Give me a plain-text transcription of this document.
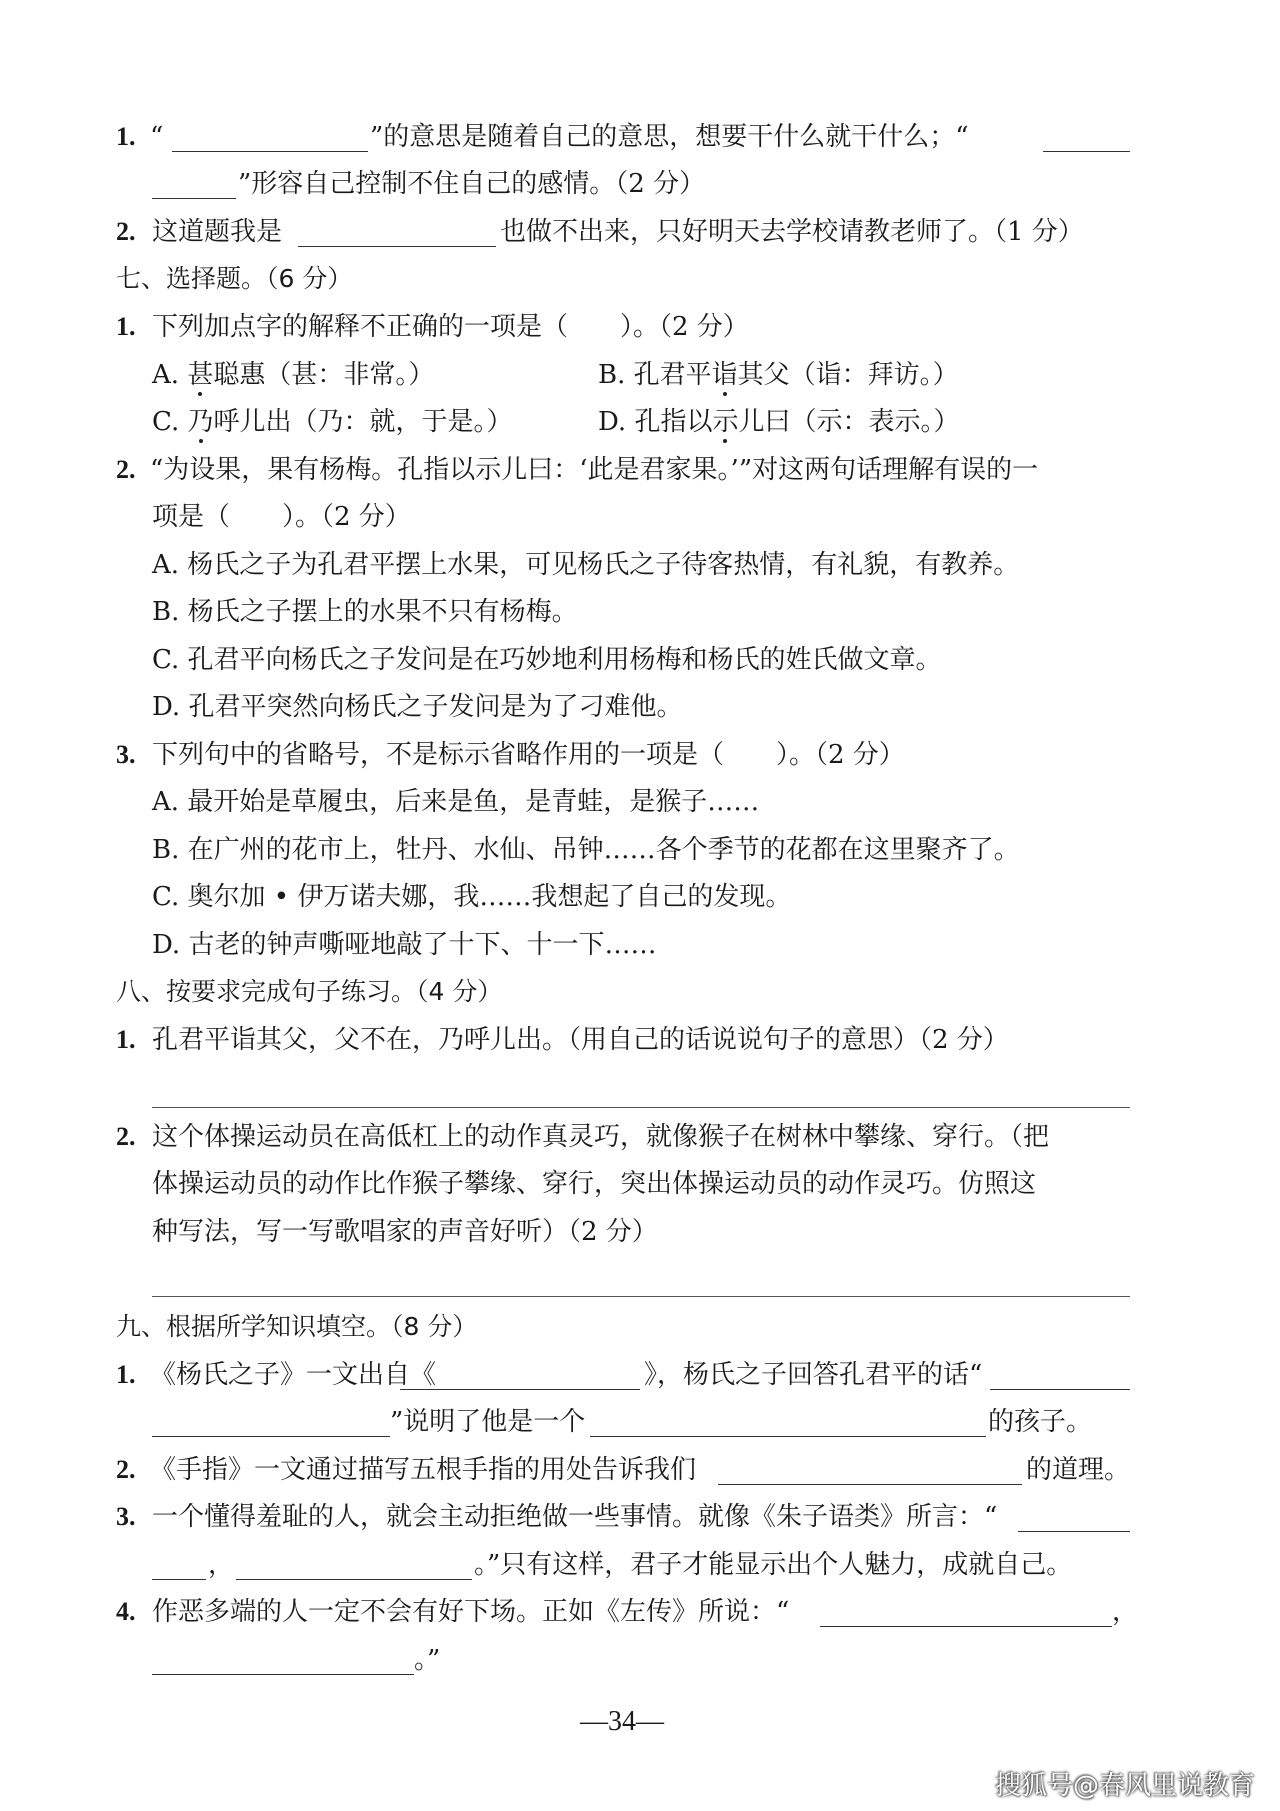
1. “	”的意思是随着自己的意思，想要干什么就干什么；“
”形容自己控制不住自己的感情。（2 分）
2. 这道题我是	也做不出来，只好明天去学校请教老师了。（1 分）
七、选择题。（6 分）
1. 下列加点字的解释不正确的一项是（　　）。（2 分）
A. 甚聪惠（甚：非常。）	B. 孔君平诣其父（诣：拜访。）
C. 乃呼儿出（乃：就，于是。）	D. 孔指以示儿曰（示：表示。）
2. “为设果，果有杨梅。孔指以示儿曰：‘此是君家果。’”对这两句话理解有误的一
项是（　　）。（2 分）
A. 杨氏之子为孔君平摆上水果，可见杨氏之子待客热情，有礼貌，有教养。
B. 杨氏之子摆上的水果不只有杨梅。
C. 孔君平向杨氏之子发问是在巧妙地利用杨梅和杨氏的姓氏做文章。
D. 孔君平突然向杨氏之子发问是为了刁难他。
3. 下列句中的省略号，不是标示省略作用的一项是（　　）。（2 分）
A. 最开始是草履虫，后来是鱼，是青蛙，是猴子……
B. 在广州的花市上，牡丹、水仙、吊钟……各个季节的花都在这里聚齐了。
C. 奥尔加 • 伊万诺夫娜，我……我想起了自己的发现。
D. 古老的钟声嘶哑地敲了十下、十一下……
八、按要求完成句子练习。（4 分）
1. 孔君平诣其父，父不在，乃呼儿出。（用自己的话说说句子的意思）（2 分）
2. 这个体操运动员在高低杠上的动作真灵巧，就像猴子在树林中攀缘、穿行。（把
体操运动员的动作比作猴子攀缘、穿行，突出体操运动员的动作灵巧。仿照这
种写法，写一写歌唱家的声音好听）（2 分）
九、根据所学知识填空。（8 分）
1. 《杨氏之子》一文出自《	》，杨氏之子回答孔君平的话“
”说明了他是一个	的孩子。
2. 《手指》一文通过描写五根手指的用处告诉我们	的道理。
3. 一个懂得羞耻的人，就会主动拒绝做一些事情。就像《朱子语类》所言：“
，	。”只有这样，君子才能显示出个人魅力，成就自己。
4. 作恶多端的人一定不会有好下场。正如《左传》所说：“	，
。”
—34—
搜狐号@春风里说教育
